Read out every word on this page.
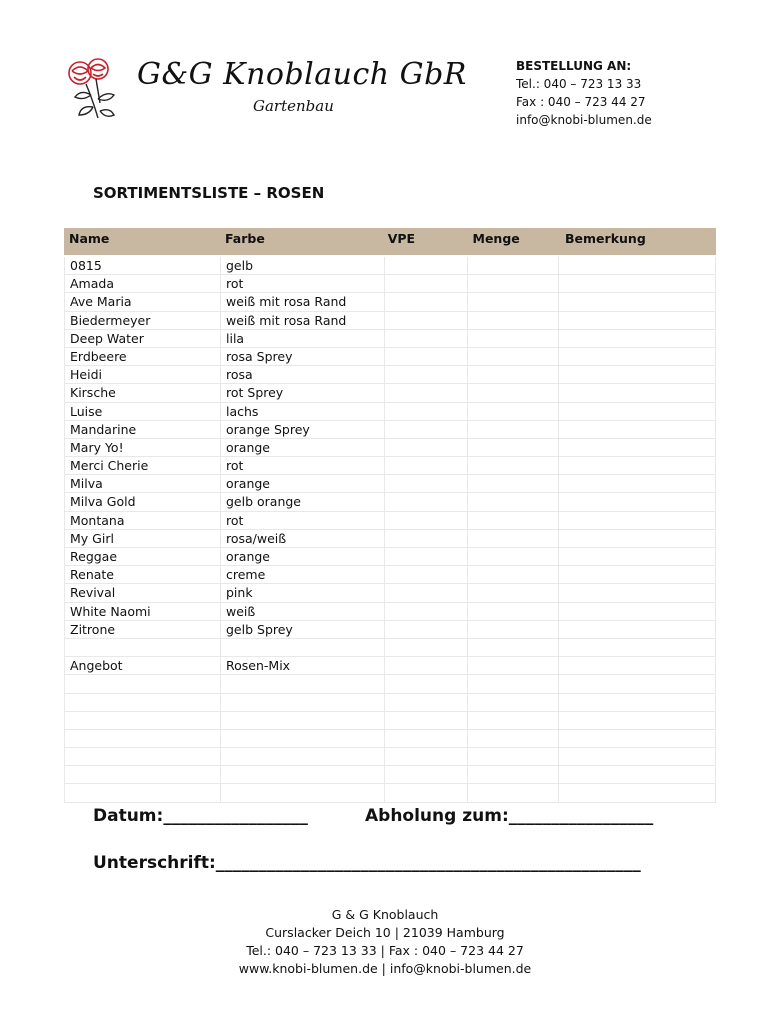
G&G Knoblauch GbR
Gartenbau
BESTELLUNG AN:
Tel.: 040 – 723 13 33
Fax : 040 – 723 44 27
info@knobi-blumen.de
SORTIMENTSLISTE – ROSEN
Name	Farbe	VPE	Menge	Bemerkung
0815	gelb
Amada	rot
Ave Maria	weiß mit rosa Rand
Biedermeyer	weiß mit rosa Rand
Deep Water	lila
Erdbeere	rosa Sprey
Heidi	rosa
Kirsche	rot Sprey
Luise	lachs
Mandarine	orange Sprey
Mary Yo!	orange
Merci Cherie	rot
Milva	orange
Milva Gold	gelb orange
Montana	rot
My Girl	rosa/weiß
Reggae	orange
Renate	creme
Revival	pink
White Naomi	weiß
Zitrone	gelb Sprey
Angebot	Rosen-Mix
Datum:_________________	Abholung zum:_________________
Unterschrift:__________________________________________________
G & G Knoblauch
Curslacker Deich 10 | 21039 Hamburg
Tel.: 040 – 723 13 33 | Fax : 040 – 723 44 27
www.knobi-blumen.de | info@knobi-blumen.de
